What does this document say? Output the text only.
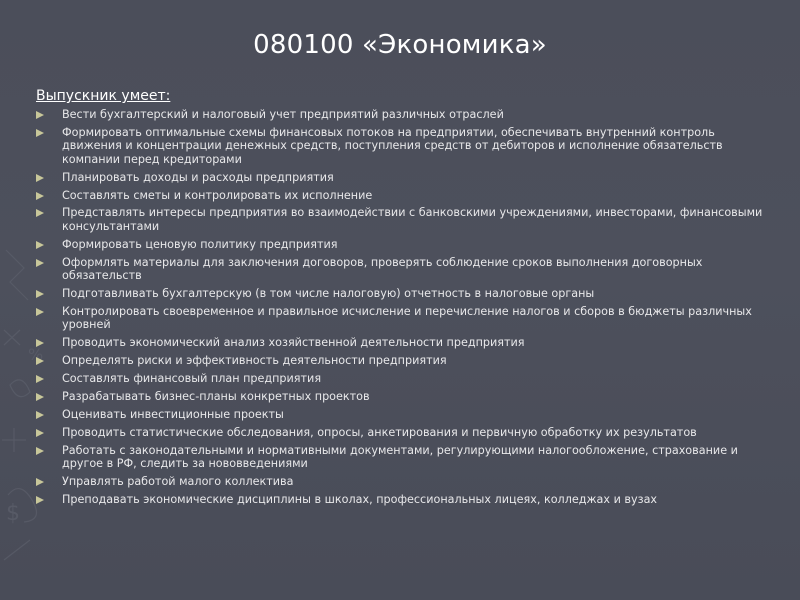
$
%
080100 «Экономика»
Выпускник умеет:
Вести бухгалтерский и налоговый учет предприятий различных отраслей
Формировать оптимальные схемы финансовых потоков на предприятии, обеспечивать внутренний контроль движения и концентрации денежных средств, поступления средств от дебиторов и исполнение обязательств компании перед кредиторами
Планировать доходы и расходы предприятия
Составлять сметы и контролировать их исполнение
Представлять интересы предприятия во взаимодействии с банковскими учреждениями, инвесторами, финансовыми консультантами
Формировать ценовую политику предприятия
Оформлять материалы для заключения договоров, проверять соблюдение сроков выполнения договорных обязательств
Подготавливать бухгалтерскую (в том числе налоговую) отчетность в налоговые органы
Контролировать своевременное и правильное исчисление и перечисление налогов и сборов в бюджеты различных уровней
Проводить экономический анализ хозяйственной деятельности предприятия
Определять риски и эффективность деятельности предприятия
Составлять финансовый план предприятия
Разрабатывать бизнес-планы конкретных проектов
Оценивать инвестиционные проекты
Проводить статистические обследования, опросы, анкетирования и первичную обработку их результатов
Работать с законодательными и нормативными документами, регулирующими налогообложение, страхование и другое в РФ, следить за нововведениями
Управлять работой малого коллектива
Преподавать экономические дисциплины в школах, профессиональных лицеях, колледжах и вузах
